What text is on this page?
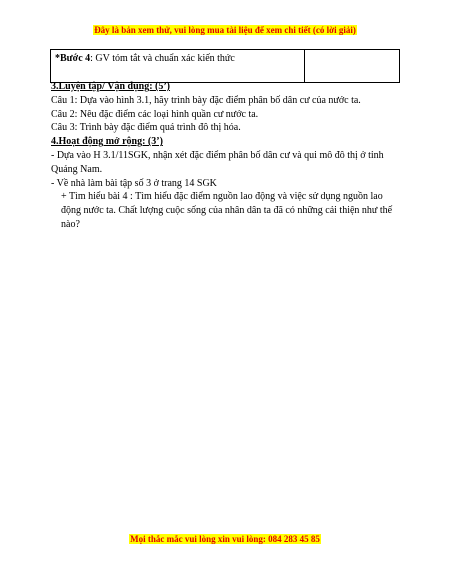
Đây là bản xem thử, vui lòng mua tài liệu để xem chi tiết (có lời giải)
*Bước 4: GV tóm tắt và chuẩn xác kiến thức	

3.Luyện tập/ Vận dụng: (5’)

Câu 1: Dựa vào hình 3.1, hãy trình bày đặc điểm phân bố dân cư của nước ta.

Câu 2: Nêu đặc điểm các loại hình quần cư nước ta.

Câu 3: Trình bày đặc điểm quá trình đô thị hóa.

4.Hoạt động mở rộng: (3’)

- Dựa vào H 3.1/11SGK, nhận xét đặc điểm phân bố dân cư và qui mô đô thị ở tỉnh Quảng Nam.

- Về nhà làm bài tập số 3 ở trang 14 SGK

+ Tìm hiểu bài 4 : Tìm hiểu đặc điểm nguồn lao động và việc sử dụng nguồn lao động nước ta. Chất lượng cuộc sống của nhân dân ta đã có những cải thiện như thế nào?

Mọi thắc mắc vui lòng xin vui lòng: 084 283 45 85
